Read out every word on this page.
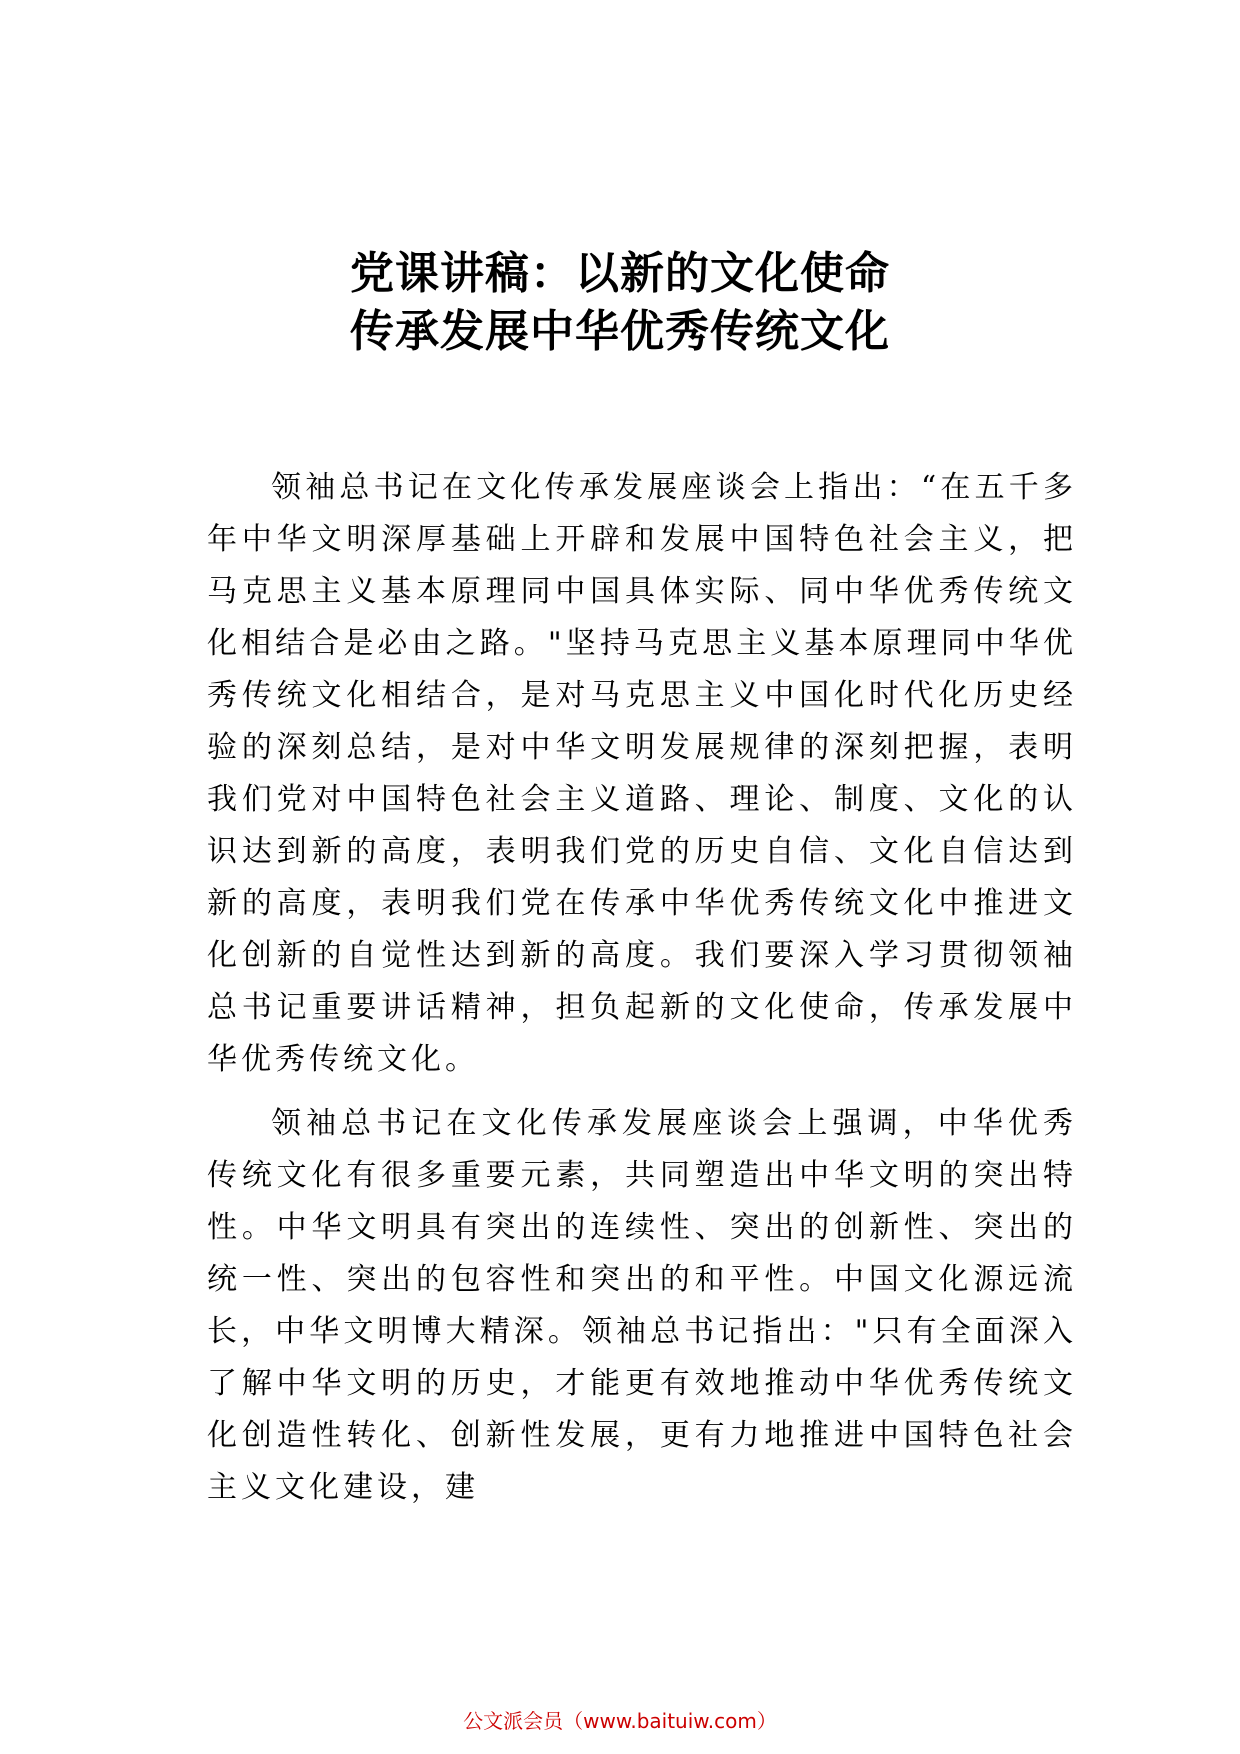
党课讲稿：以新的文化使命
传承发展中华优秀传统文化

领袖总书记在文化传承发展座谈会上指出：“在五千多年中华文明深厚基础上开辟和发展中国特色社会主义，把马克思主义基本原理同中国具体实际、同中华优秀传统文化相结合是必由之路。"坚持马克思主义基本原理同中华优秀传统文化相结合，是对马克思主义中国化时代化历史经验的深刻总结，是对中华文明发展规律的深刻把握，表明我们党对中国特色社会主义道路、理论、制度、文化的认识达到新的高度，表明我们党的历史自信、文化自信达到新的高度，表明我们党在传承中华优秀传统文化中推进文化创新的自觉性达到新的高度。我们要深入学习贯彻领袖总书记重要讲话精神，担负起新的文化使命，传承发展中华优秀传统文化。

领袖总书记在文化传承发展座谈会上强调，中华优秀传统文化有很多重要元素，共同塑造出中华文明的突出特性。中华文明具有突出的连续性、突出的创新性、突出的统一性、突出的包容性和突出的和平性。中国文化源远流长，中华文明博大精深。领袖总书记指出："只有全面深入了解中华文明的历史，才能更有效地推动中华优秀传统文化创造性转化、创新性发展，更有力地推进中国特色社会主义文化建设，建

公文派会员（www.baituiw.com）
